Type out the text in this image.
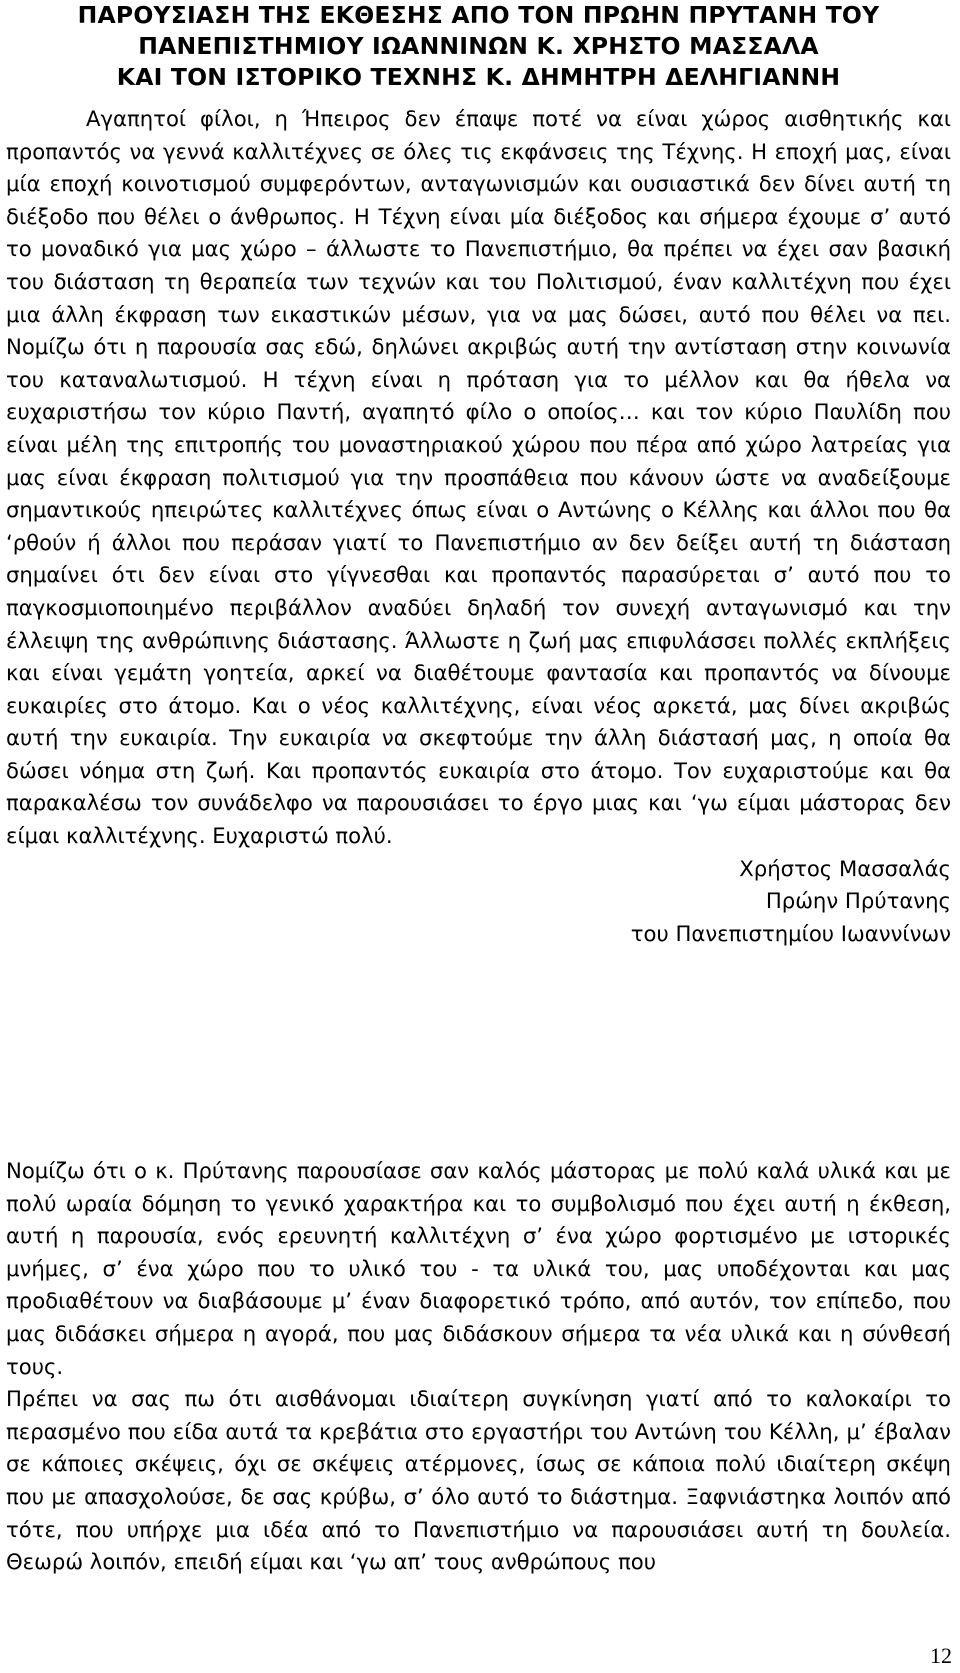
ΠΑΡΟΥΣΙΑΣΗ ΤΗΣ ΕΚΘΕΣΗΣ ΑΠΟ ΤΟΝ ΠΡΩΗΝ ΠΡΥΤΑΝΗ ΤΟΥ
ΠΑΝΕΠΙΣΤΗΜΙΟΥ ΙΩΑΝΝΙΝΩΝ Κ. ΧΡΗΣΤΟ ΜΑΣΣΑΛΑ
ΚΑΙ ΤΟΝ ΙΣΤΟΡΙΚΟ ΤΕΧΝΗΣ Κ. ΔΗΜΗΤΡΗ ΔΕΛΗΓΙΑΝΝΗ

Αγαπητοί φίλοι, η Ήπειρος δεν έπαψε ποτέ να είναι χώρος αισθητικής και προπαντός να γεννά καλλιτέχνες σε όλες τις εκφάνσεις της Τέχνης. Η εποχή μας, είναι μία εποχή κοινοτισμού συμφερόντων, ανταγωνισμών και ουσιαστικά δεν δίνει αυτή τη διέξοδο που θέλει ο άνθρωπος. Η Τέχνη είναι μία διέξοδος και σήμερα έχουμε σ’ αυτό το μοναδικό για μας χώρο – άλλωστε το Πανεπιστήμιο, θα πρέπει να έχει σαν βασική του διάσταση τη θεραπεία των τεχνών και του Πολιτισμού, έναν καλλιτέχνη που έχει μια άλλη έκφραση των εικαστικών μέσων, για να μας δώσει, αυτό που θέλει να πει. Νομίζω ότι η παρουσία σας εδώ, δηλώνει ακριβώς αυτή την αντίσταση στην κοινωνία του καταναλωτισμού. Η τέχνη είναι η πρόταση για το μέλλον και θα ήθελα να ευχαριστήσω τον κύριο Παντή, αγαπητό φίλο ο οποίος… και τον κύριο Παυλίδη που είναι μέλη της επιτροπής του μοναστηριακού χώρου που πέρα από χώρο λατρείας για μας είναι έκφραση πολιτισμού για την προσπάθεια που κάνουν ώστε να αναδείξουμε σημαντικούς ηπειρώτες καλλιτέχνες όπως είναι ο Αντώνης ο Κέλλης και άλλοι που θα ‘ρθούν ή άλλοι που περάσαν γιατί το Πανεπιστήμιο αν δεν δείξει αυτή τη διάσταση σημαίνει ότι δεν είναι στο γίγνεσθαι και προπαντός παρασύρεται σ’ αυτό που το παγκοσμιοποιημένο περιβάλλον αναδύει δηλαδή τον συνεχή ανταγωνισμό και την έλλειψη της ανθρώπινης διάστασης. Άλλωστε η ζωή μας επιφυλάσσει πολλές εκπλήξεις και είναι γεμάτη γοητεία, αρκεί να διαθέτουμε φαντασία και προπαντός να δίνουμε ευκαιρίες στο άτομο. Και ο νέος καλλιτέχνης, είναι νέος αρκετά, μας δίνει ακριβώς αυτή την ευκαιρία. Την ευκαιρία να σκεφτούμε την άλλη διάστασή μας, η οποία θα δώσει νόημα στη ζωή. Και προπαντός ευκαιρία στο άτομο. Τον ευχαριστούμε και θα παρακαλέσω τον συνάδελφο να παρουσιάσει το έργο μιας και ‘γω είμαι μάστορας δεν είμαι καλλιτέχνης. Ευχαριστώ πολύ.

Χρήστος Μασσαλάς
Πρώην Πρύτανης
του Πανεπιστημίου Ιωαννίνων

Νομίζω ότι ο κ. Πρύτανης παρουσίασε σαν καλός μάστορας με πολύ καλά υλικά και με πολύ ωραία δόμηση το γενικό χαρακτήρα και το συμβολισμό που έχει αυτή η έκθεση, αυτή η παρουσία, ενός ερευνητή καλλιτέχνη σ’ ένα χώρο φορτισμένο με ιστορικές μνήμες, σ’ ένα χώρο που το υλικό του - τα υλικά του, μας υποδέχονται και μας προδιαθέτουν να διαβάσουμε μ’ έναν διαφορετικό τρόπο, από αυτόν, τον επίπεδο, που μας διδάσκει σήμερα η αγορά, που μας διδάσκουν σήμερα τα νέα υλικά και η σύνθεσή τους.

Πρέπει να σας πω ότι αισθάνομαι ιδιαίτερη συγκίνηση γιατί από το καλοκαίρι το περασμένο που είδα αυτά τα κρεβάτια στο εργαστήρι του Αντώνη του Κέλλη, μ’ έβαλαν σε κάποιες σκέψεις, όχι σε σκέψεις ατέρμονες, ίσως σε κάποια πολύ ιδιαίτερη σκέψη που με απασχολούσε, δε σας κρύβω, σ’ όλο αυτό το διάστημα. Ξαφνιάστηκα λοιπόν από τότε, που υπήρχε μια ιδέα από το Πανεπιστήμιο να παρουσιάσει αυτή τη δουλεία. Θεωρώ λοιπόν, επειδή είμαι και ‘γω απ’ τους ανθρώπους που

12
